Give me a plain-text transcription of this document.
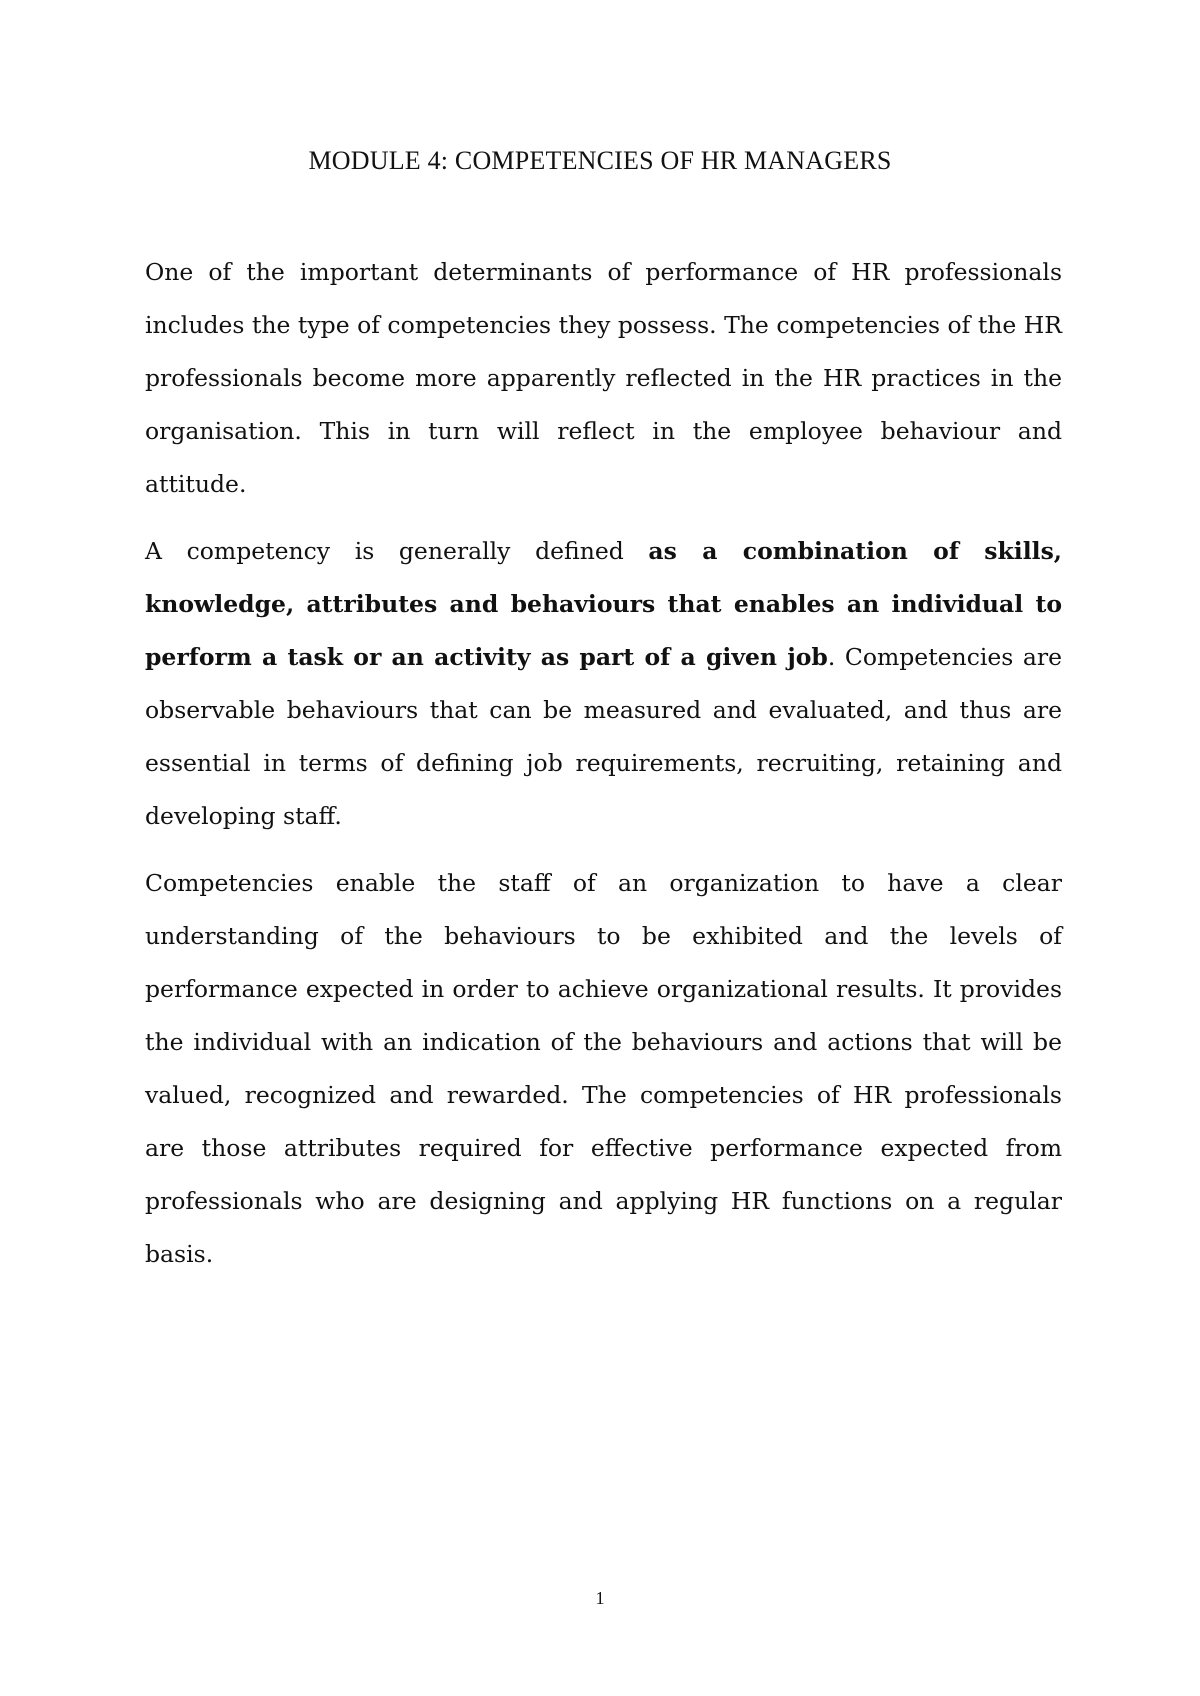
MODULE 4: COMPETENCIES OF HR MANAGERS

One of the important determinants of performance of HR professionals includes the type of competencies they possess. The competencies of the HR professionals become more apparently reflected in the HR practices in the organisation. This in turn will reflect in the employee behaviour and attitude.

A competency is generally defined as a combination of skills, knowledge, attributes and behaviours that enables an individual to perform a task or an activity as part of a given job. Competencies are observable behaviours that can be measured and evaluated, and thus are essential in terms of defining job requirements, recruiting, retaining and developing staff.

Competencies enable the staff of an organization to have a clear understanding of the behaviours to be exhibited and the levels of performance expected in order to achieve organizational results. It provides the individual with an indication of the behaviours and actions that will be valued, recognized and rewarded. The competencies of HR professionals are those attributes required for effective performance expected from professionals who are designing and applying HR functions on a regular basis.

1
